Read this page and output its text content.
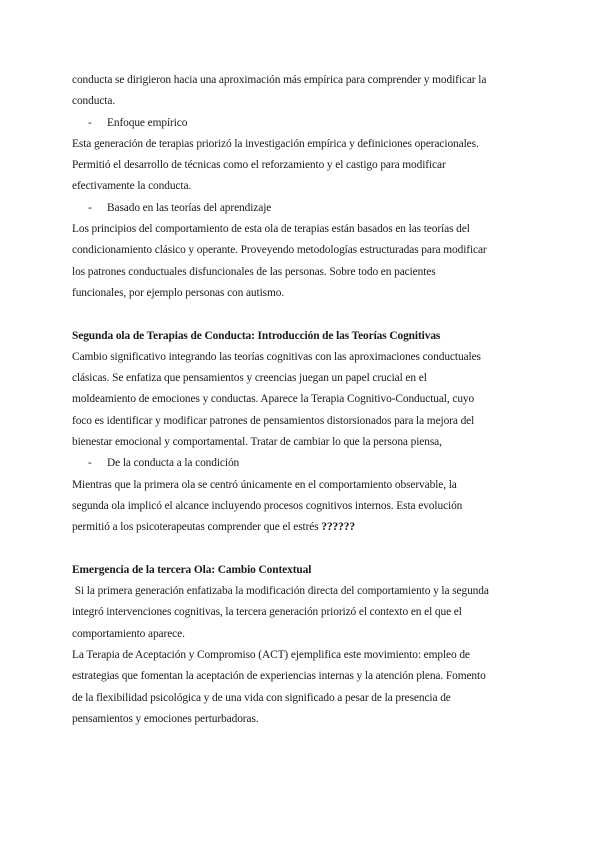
conducta se dirigieron hacia una aproximación más empírica para comprender y modificar la
conducta.
- Enfoque empírico
Esta generación de terapias priorizó la investigación empírica y definiciones operacionales.
Permitió el desarrollo de técnicas como el reforzamiento y el castigo para modificar
efectivamente la conducta.
- Basado en las teorías del aprendizaje
Los principios del comportamiento de esta ola de terapias están basados en las teorías del
condicionamiento clásico y operante. Proveyendo metodologías estructuradas para modificar
los patrones conductuales disfuncionales de las personas. Sobre todo en pacientes
funcionales, por ejemplo personas con autismo.
Segunda ola de Terapias de Conducta: Introducción de las Teorías Cognitivas
Cambio significativo integrando las teorías cognitivas con las aproximaciones conductuales
clásicas. Se enfatiza que pensamientos y creencias juegan un papel crucial en el
moldeamiento de emociones y conductas. Aparece la Terapia Cognitivo-Conductual, cuyo
foco es identificar y modificar patrones de pensamientos distorsionados para la mejora del
bienestar emocional y comportamental. Tratar de cambiar lo que la persona piensa,
- De la conducta a la condición
Mientras que la primera ola se centró únicamente en el comportamiento observable, la
segunda ola implicó el alcance incluyendo procesos cognitivos internos. Esta evolución
permitió a los psicoterapeutas comprender que el estrés ??????
Emergencia de la tercera Ola: Cambio Contextual
Si la primera generación enfatizaba la modificación directa del comportamiento y la segunda
integró intervenciones cognitivas, la tercera generación priorizó el contexto en el que el
comportamiento aparece.
La Terapia de Aceptación y Compromiso (ACT) ejemplifica este movimiento: empleo de
estrategias que fomentan la aceptación de experiencias internas y la atención plena. Fomento
de la flexibilidad psicológica y de una vida con significado a pesar de la presencia de
pensamientos y emociones perturbadoras.
